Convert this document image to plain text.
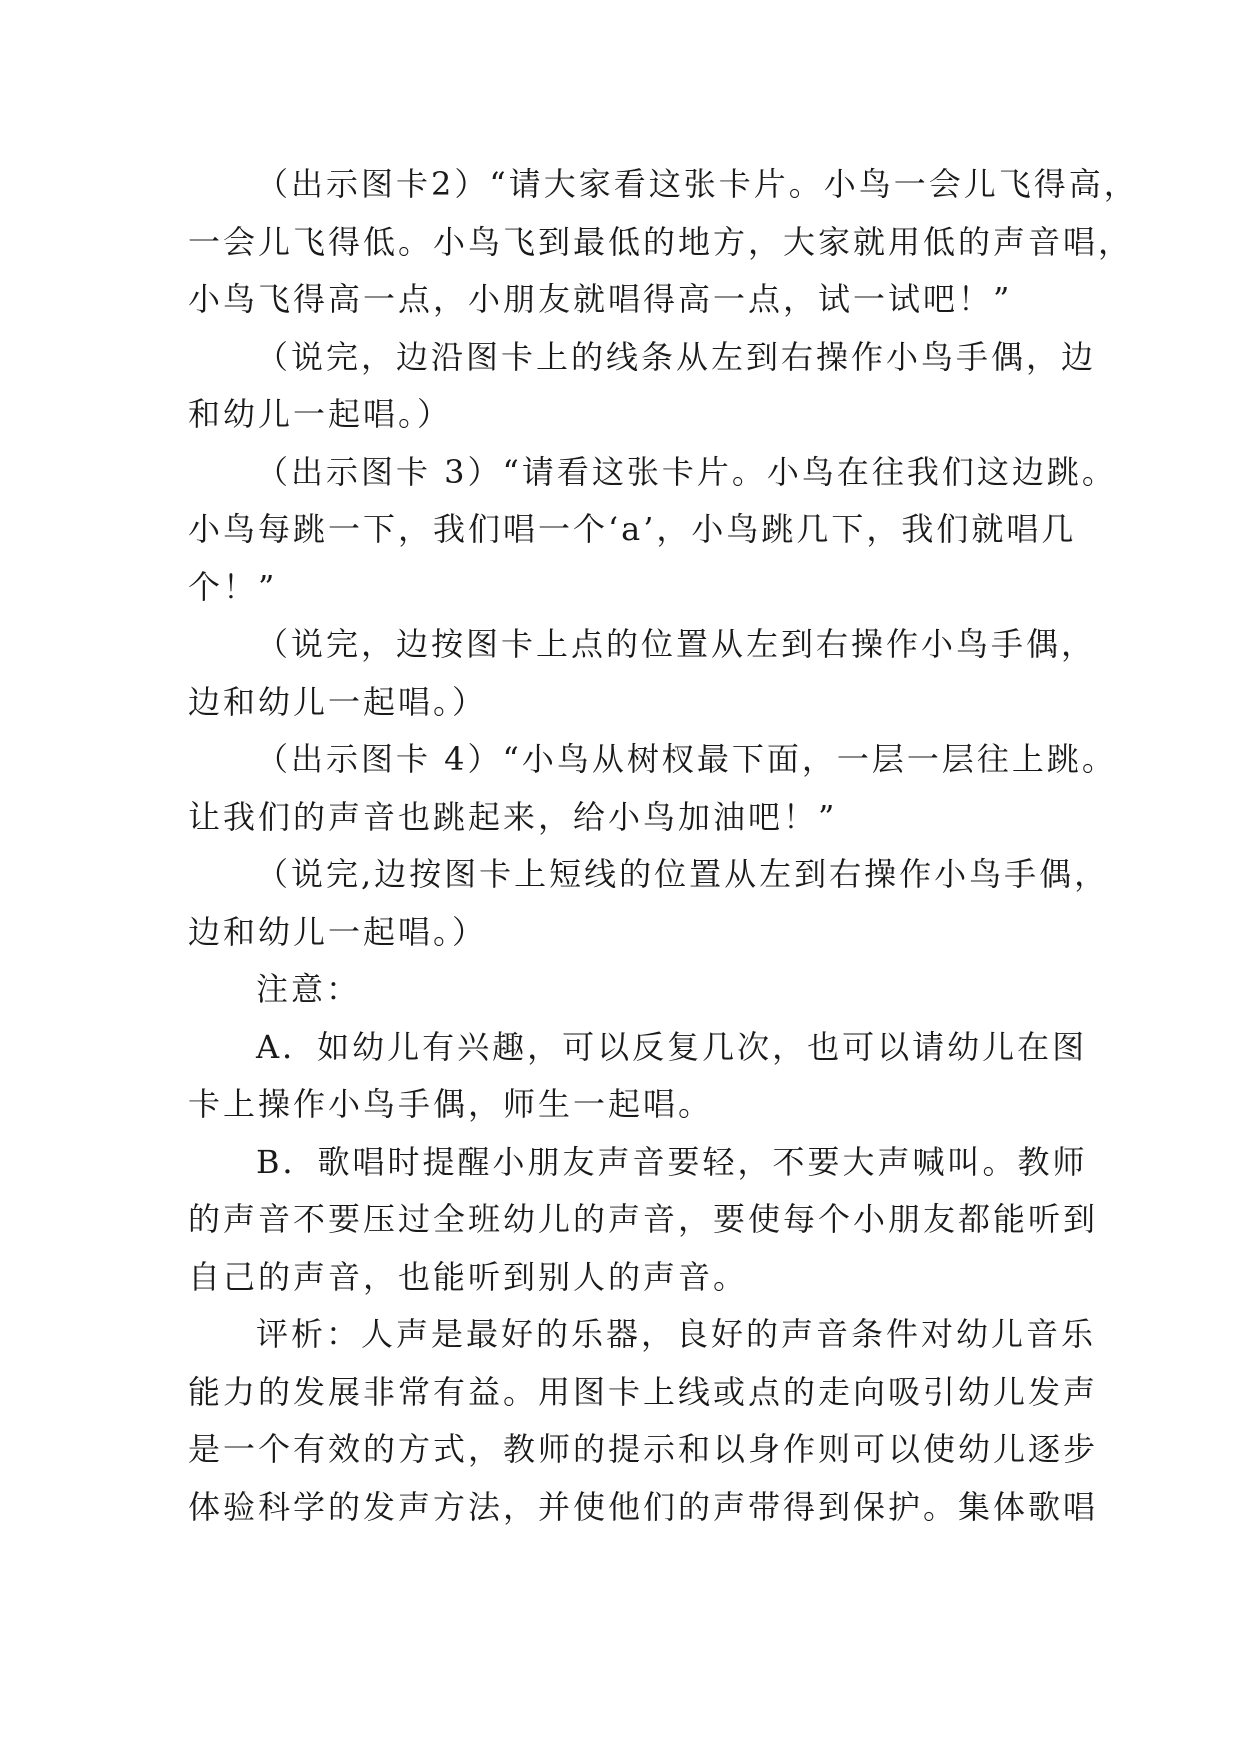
（出示图卡2）“请大家看这张卡片。小鸟一会儿飞得高，
一会儿飞得低。小鸟飞到最低的地方，大家就用低的声音唱，
小鸟飞得高一点，小朋友就唱得高一点，试一试吧！”
（说完，边沿图卡上的线条从左到右操作小鸟手偶，边
和幼儿一起唱。）
（出示图卡 3）“请看这张卡片。小鸟在往我们这边跳。
小鸟每跳一下，我们唱一个‘a’，小鸟跳几下，我们就唱几
个！”
（说完，边按图卡上点的位置从左到右操作小鸟手偶，
边和幼儿一起唱。）
（出示图卡 4）“小鸟从树杈最下面，一层一层往上跳。
让我们的声音也跳起来，给小鸟加油吧！”
（说完,边按图卡上短线的位置从左到右操作小鸟手偶，
边和幼儿一起唱。）
注意：
A．如幼儿有兴趣，可以反复几次，也可以请幼儿在图
卡上操作小鸟手偶，师生一起唱。
B．歌唱时提醒小朋友声音要轻，不要大声喊叫。教师
的声音不要压过全班幼儿的声音，要使每个小朋友都能听到
自己的声音，也能听到别人的声音。
评析：人声是最好的乐器，良好的声音条件对幼儿音乐
能力的发展非常有益。用图卡上线或点的走向吸引幼儿发声
是一个有效的方式，教师的提示和以身作则可以使幼儿逐步
体验科学的发声方法，并使他们的声带得到保护。集体歌唱
